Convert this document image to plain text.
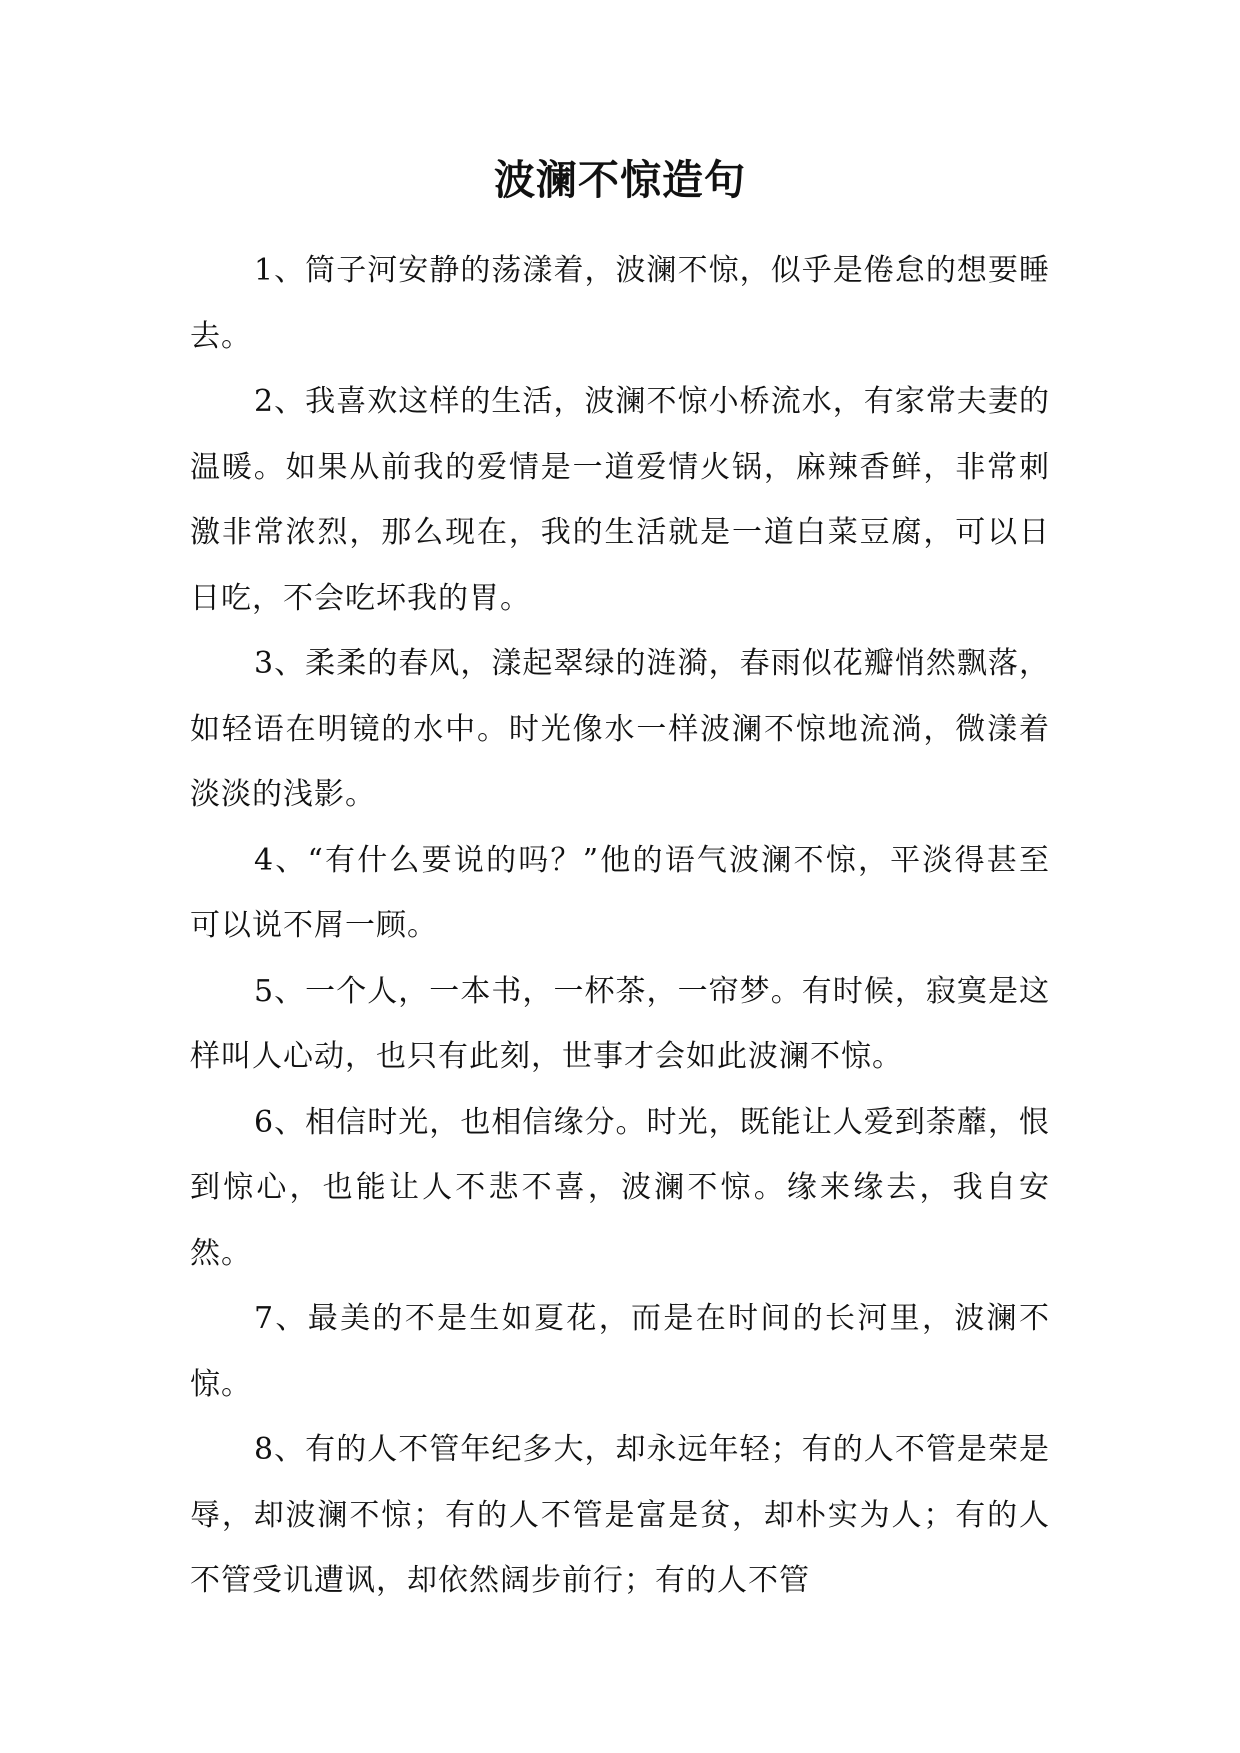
波澜不惊造句

1、筒子河安静的荡漾着，波澜不惊，似乎是倦怠的想要睡去。

2、我喜欢这样的生活，波澜不惊小桥流水，有家常夫妻的温暖。如果从前我的爱情是一道爱情火锅，麻辣香鲜，非常刺激非常浓烈，那么现在，我的生活就是一道白菜豆腐，可以日日吃，不会吃坏我的胃。

3、柔柔的春风，漾起翠绿的涟漪，春雨似花瓣悄然飘落，如轻语在明镜的水中。时光像水一样波澜不惊地流淌，微漾着淡淡的浅影。

4、“有什么要说的吗？”他的语气波澜不惊，平淡得甚至可以说不屑一顾。

5、一个人，一本书，一杯茶，一帘梦。有时候，寂寞是这样叫人心动，也只有此刻，世事才会如此波澜不惊。

6、相信时光，也相信缘分。时光，既能让人爱到荼蘼，恨到惊心，也能让人不悲不喜，波澜不惊。缘来缘去，我自安然。

7、最美的不是生如夏花，而是在时间的长河里，波澜不惊。

8、有的人不管年纪多大，却永远年轻；有的人不管是荣是辱，却波澜不惊；有的人不管是富是贫，却朴实为人；有的人不管受讥遭讽，却依然阔步前行；有的人不管
